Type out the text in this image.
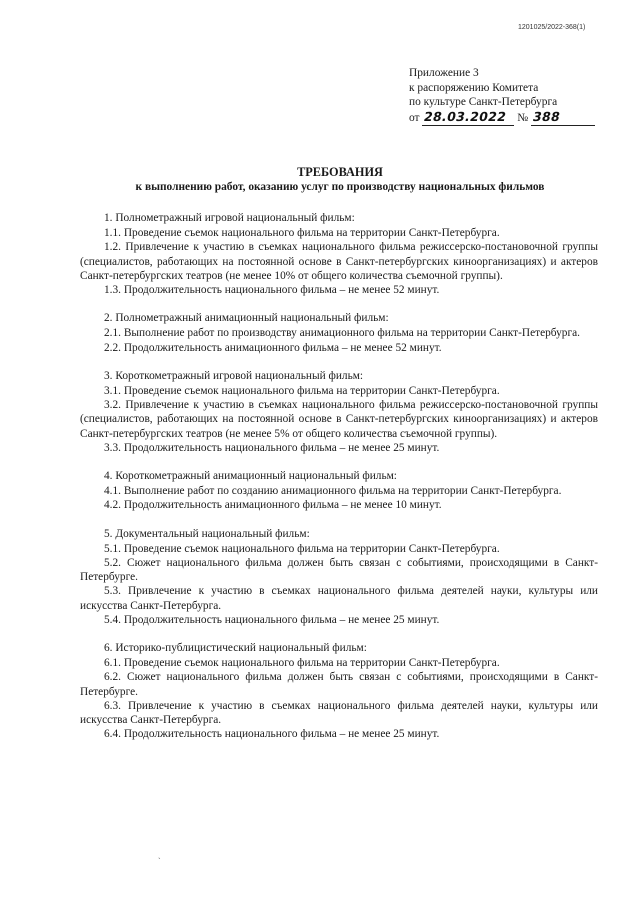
1201025/2022-368(1)
Приложение 3
к распоряжению Комитета
по культуре Санкт-Петербурга
от 28.03.2022 № 388
ТРЕБОВАНИЯ
к выполнению работ, оказанию услуг по производству национальных фильмов

1. Полнометражный игровой национальный фильм:

1.1. Проведение съемок национального фильма на территории Санкт-Петербурга.

1.2. Привлечение к участию в съемках национального фильма режиссерско-постановочной группы (специалистов, работающих на постоянной основе в Санкт-петербургских киноорганизациях) и актеров Санкт-петербургских театров (не менее 10% от общего количества съемочной группы).

1.3. Продолжительность национального фильма – не менее 52 минут.

2. Полнометражный анимационный национальный фильм:

2.1. Выполнение работ по производству анимационного фильма на территории Санкт-Петербурга.

2.2. Продолжительность анимационного фильма – не менее 52 минут.

3. Короткометражный игровой национальный фильм:

3.1. Проведение съемок национального фильма на территории Санкт-Петербурга.

3.2. Привлечение к участию в съемках национального фильма режиссерско-постановочной группы (специалистов, работающих на постоянной основе в Санкт-петербургских киноорганизациях) и актеров Санкт-петербургских театров (не менее 5% от общего количества съемочной группы).

3.3. Продолжительность национального фильма – не менее 25 минут.

4. Короткометражный анимационный национальный фильм:

4.1. Выполнение работ по созданию анимационного фильма на территории Санкт-Петербурга.

4.2. Продолжительность анимационного фильма – не менее 10 минут.

5. Документальный национальный фильм:

5.1. Проведение съемок национального фильма на территории Санкт-Петербурга.

5.2. Сюжет национального фильма должен быть связан с событиями, происходящими в Санкт-Петербурге.

5.3. Привлечение к участию в съемках национального фильма деятелей науки, культуры или искусства Санкт-Петербурга.

5.4. Продолжительность национального фильма – не менее 25 минут.

6. Историко-публицистический национальный фильм:

6.1. Проведение съемок национального фильма на территории Санкт-Петербурга.

6.2. Сюжет национального фильма должен быть связан с событиями, происходящими в Санкт-Петербурге.

6.3. Привлечение к участию в съемках национального фильма деятелей науки, культуры или искусства Санкт-Петербурга.

6.4. Продолжительность национального фильма – не менее 25 минут.

`
